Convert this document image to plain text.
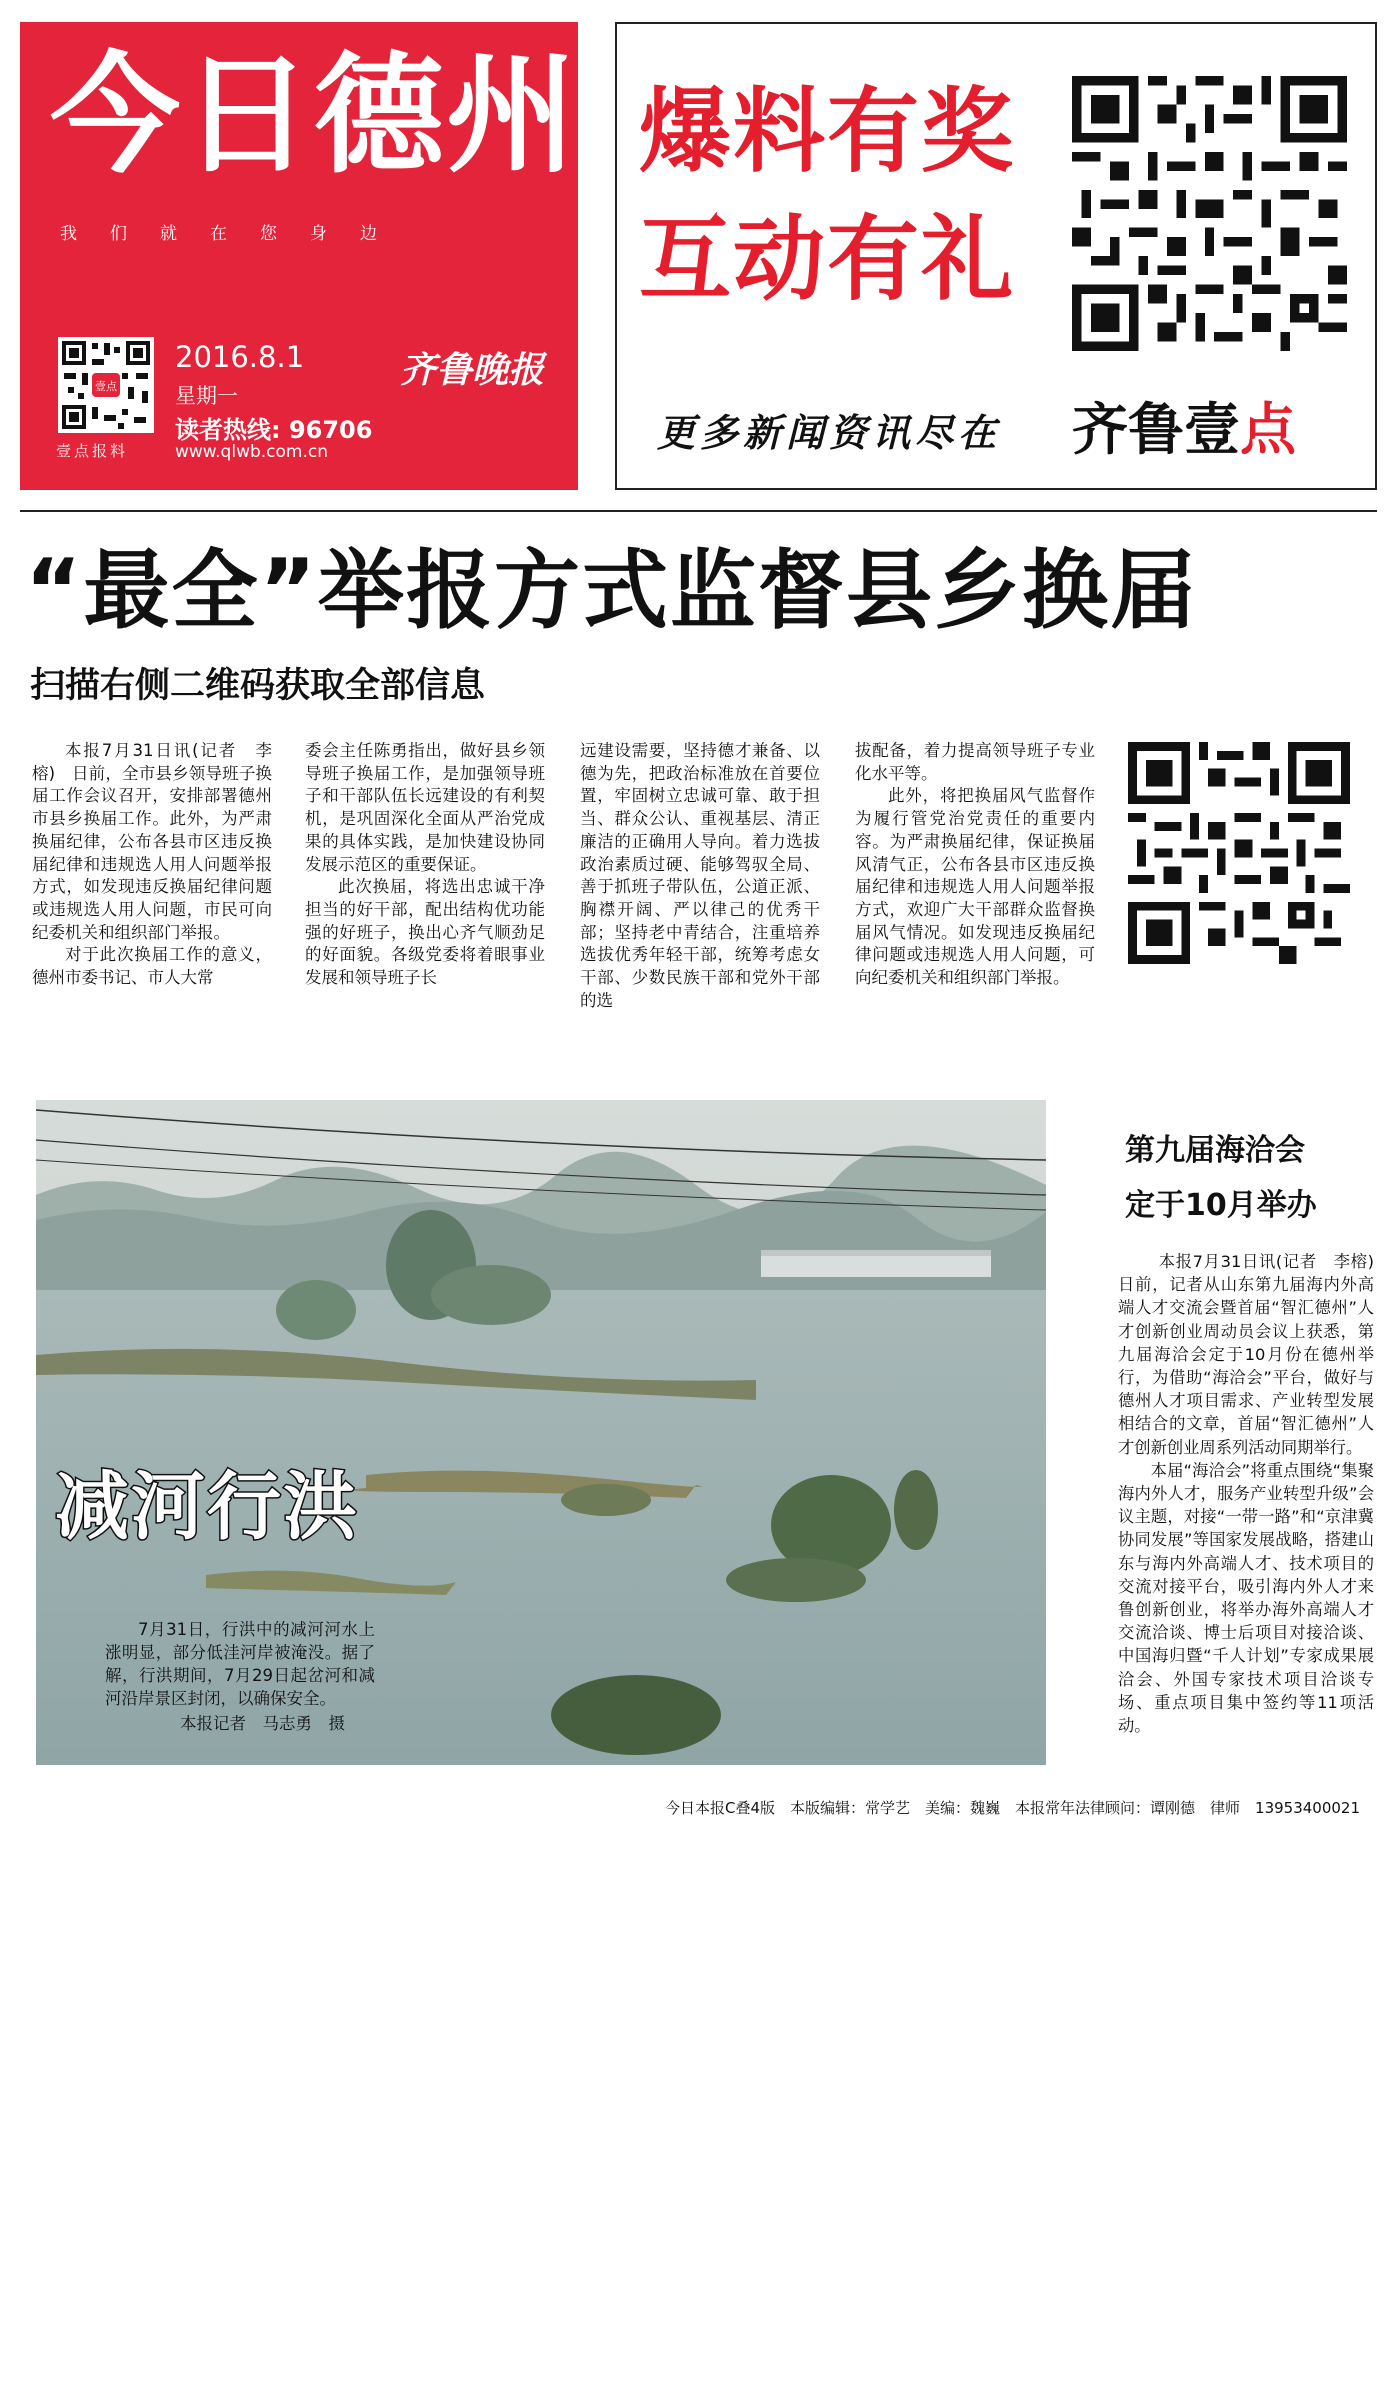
今日德州
我们就在您身边
壹点
壹点报料
2016.8.1
星期一
读者热线: 96706
www.qlwb.com.cn
齐鲁晚报
爆料有奖
互动有礼
更多新闻资讯尽在 齐鲁壹点
“最全”举报方式监督县乡换届
扫描右侧二维码获取全部信息

本报7月31日讯(记者　李榕)　日前，全市县乡领导班子换届工作会议召开，安排部署德州市县乡换届工作。此外，为严肃换届纪律，公布各县市区违反换届纪律和违规选人用人问题举报方式，如发现违反换届纪律问题或违规选人用人问题，市民可向纪委机关和组织部门举报。

对于此次换届工作的意义，德州市委书记、市人大常

委会主任陈勇指出，做好县乡领导班子换届工作，是加强领导班子和干部队伍长远建设的有利契机，是巩固深化全面从严治党成果的具体实践，是加快建设协同发展示范区的重要保证。

此次换届，将选出忠诚干净担当的好干部，配出结构优功能强的好班子，换出心齐气顺劲足的好面貌。各级党委将着眼事业发展和领导班子长

远建设需要，坚持德才兼备、以德为先，把政治标准放在首要位置，牢固树立忠诚可靠、敢于担当、群众公认、重视基层、清正廉洁的正确用人导向。着力选拔政治素质过硬、能够驾驭全局、善于抓班子带队伍，公道正派、胸襟开阔、严以律己的优秀干部；坚持老中青结合，注重培养选拔优秀年轻干部，统筹考虑女干部、少数民族干部和党外干部的选

拔配备，着力提高领导班子专业化水平等。

此外，将把换届风气监督作为履行管党治党责任的重要内容。为严肃换届纪律，保证换届风清气正，公布各县市区违反换届纪律和违规选人用人问题举报方式，欢迎广大干部群众监督换届风气情况。如发现违反换届纪律问题或违规选人用人问题，可向纪委机关和组织部门举报。

减河行洪

7月31日，行洪中的减河河水上涨明显，部分低洼河岸被淹没。据了解，行洪期间，7月29日起岔河和减河沿岸景区封闭，以确保安全。

本报记者　马志勇　摄
第九届海洽会
定于10月举办

本报7月31日讯(记者　李榕)　日前，记者从山东第九届海内外高端人才交流会暨首届“智汇德州”人才创新创业周动员会议上获悉，第九届海洽会定于10月份在德州举行，为借助“海洽会”平台，做好与德州人才项目需求、产业转型发展相结合的文章，首届“智汇德州”人才创新创业周系列活动同期举行。

本届“海洽会”将重点围绕“集聚海内外人才，服务产业转型升级”会议主题，对接“一带一路”和“京津冀协同发展”等国家发展战略，搭建山东与海内外高端人才、技术项目的交流对接平台，吸引海内外人才来鲁创新创业，将举办海外高端人才交流洽谈、博士后项目对接洽谈、中国海归暨“千人计划”专家成果展洽会、外国专家技术项目洽谈专场、重点项目集中签约等11项活动。

今日本报C叠4版　本版编辑：常学艺　美编：魏巍　本报常年法律顾问：谭刚德　律师　13953400021
